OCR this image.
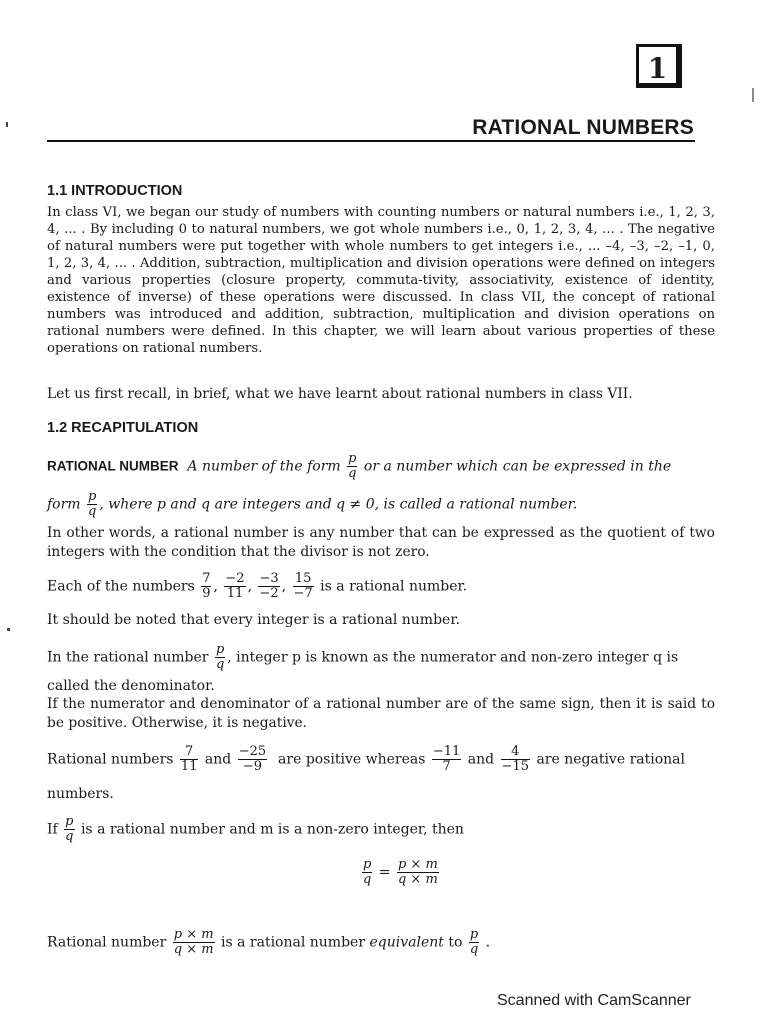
1
RATIONAL NUMBERS
1.1 INTRODUCTION
In class VI, we began our study of numbers with counting numbers or natural numbers i.e., 1, 2, 3, 4, ... . By including 0 to natural numbers, we got whole numbers i.e., 0, 1, 2, 3, 4, ... . The negative of natural numbers were put together with whole numbers to get integers i.e., ... –4, –3, –2, –1, 0, 1, 2, 3, 4, ... . Addition, subtraction, multiplication and division operations were defined on integers and various properties (closure property, commuta-tivity, associativity, existence of identity, existence of inverse) of these operations were discussed. In class VII, the concept of rational numbers was introduced and addition, subtraction, multiplication and division operations on rational numbers were defined. In this chapter, we will learn about various properties of these operations on rational numbers.
Let us first recall, in brief, what we have learnt about rational numbers in class VII.
1.2 RECAPITULATION
RATIONAL NUMBER A number of the form $\frac{p}{q}$ or a number which can be expressed in the
form $\frac{p}{q}$ , where p and q are integers and q ≠ 0, is called a rational number.
In other words, a rational number is any number that can be expressed as the quotient of two integers with the condition that the divisor is not zero.
Each of the numbers $\frac{7}{9}$ , $\frac{-2}{11}$ , $\frac{-3}{-2}$ , $\frac{15}{-7}$ is a rational number.
It should be noted that every integer is a rational number.
In the rational number $\frac{p}{q}$ , integer p is known as the numerator and non-zero integer q is
called the denominator.
If the numerator and denominator of a rational number are of the same sign, then it is said to be positive. Otherwise, it is negative.
Rational numbers $\frac{7}{11}$ and $\frac{-25}{-9}$ are positive whereas $\frac{-11}{7}$ and $\frac{4}{-15}$ are negative rational
numbers.
If $\frac{p}{q}$ is a rational number and m is a non-zero integer, then
$\frac{p}{q} = \frac{p \times m}{q \times m}$
Rational number $\frac{p \times m}{q \times m}$ is a rational number equivalent to $\frac{p}{q}$ .
Scanned with CamScanner
